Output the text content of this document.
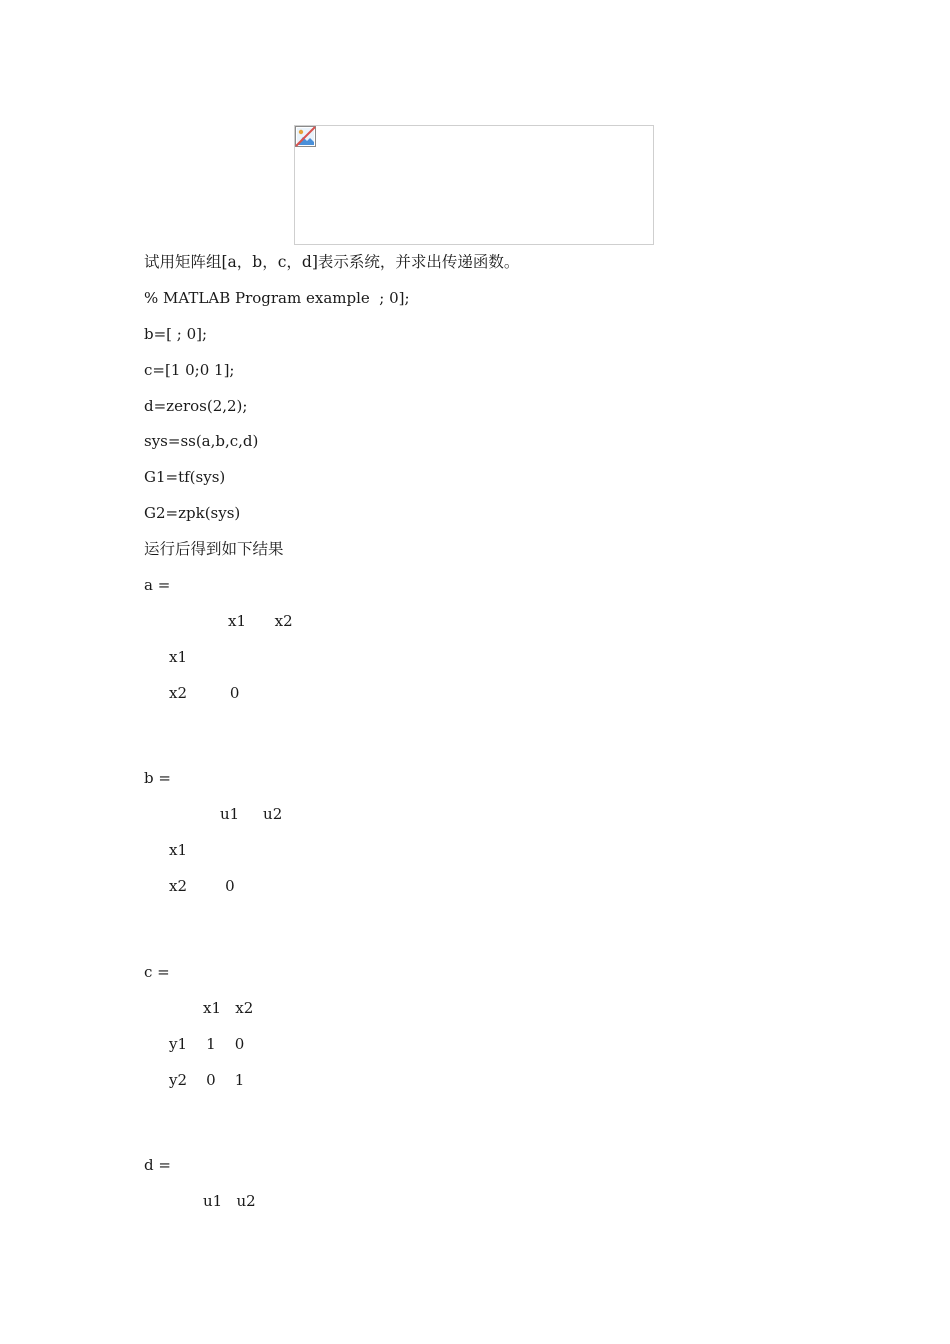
试用矩阵组[a，b，c，d]表示系统，并求出传递函数。
% MATLAB Program example  ; 0];
b=[ ; 0];
c=[1 0;0 1];
d=zeros(2,2);
sys=ss(a,b,c,d)
G1=tf(sys)
G2=zpk(sys)
运行后得到如下结果
a =
x1      x2
x1
x2         0
b =
u1     u2
x1
x2        0
c =
x1   x2
y1    1    0
y2    0    1
d =
u1   u2
